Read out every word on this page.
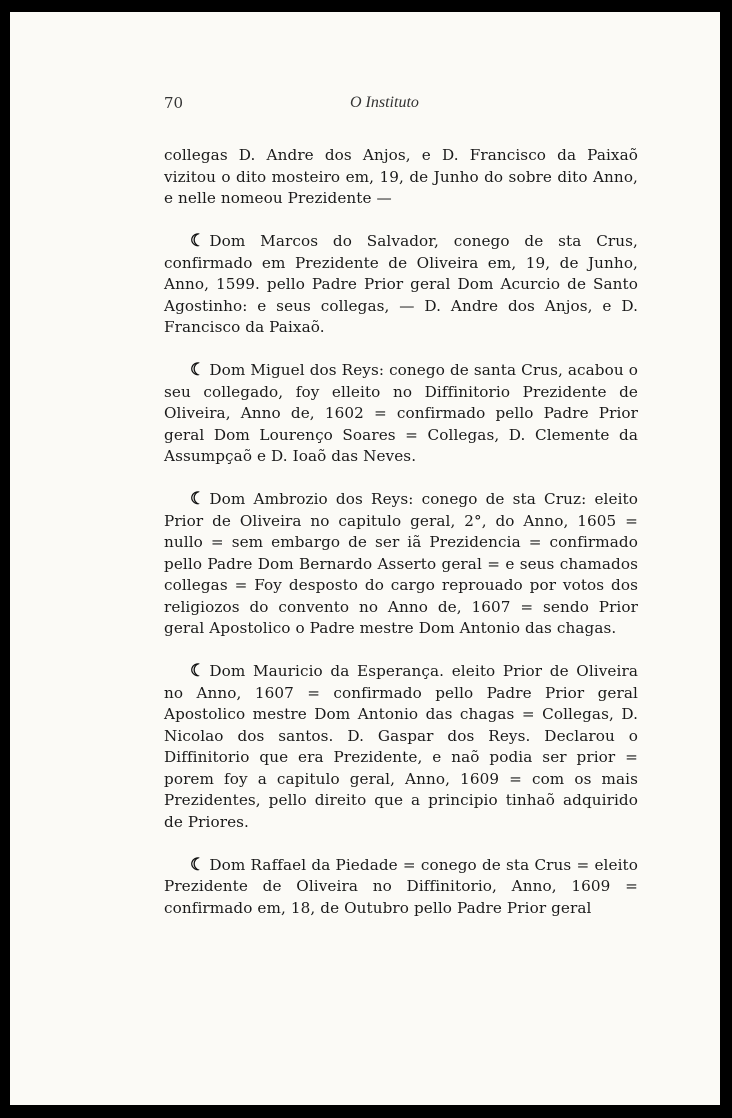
70	O Instituto

collegas D. Andre dos Anjos, e D. Francisco da Paixaõ vizitou o dito mosteiro em, 19, de Junho do sobre dito Anno, e nelle nomeou Prezidente —

☾ Dom Marcos do Salvador, conego de sta Crus, confirmado em Prezidente de Oliveira em, 19, de Junho, Anno, 1599. pello Padre Prior geral Dom Acurcio de Santo Agostinho: e seus collegas, — D. Andre dos Anjos, e D. Francisco da Paixaõ.

☾ Dom Miguel dos Reys: conego de santa Crus, acabou o seu collegado, foy elleito no Diffinitorio Prezidente de Oliveira, Anno de, 1602 = confirmado pello Padre Prior geral Dom Lourenço Soares = Collegas, D. Clemente da Assumpçaõ e D. Ioaõ das Neves.

☾ Dom Ambrozio dos Reys: conego de sta Cruz: eleito Prior de Oliveira no capitulo geral, 2°, do Anno, 1605 = nullo = sem embargo de ser iã Prezidencia = confirmado pello Padre Dom Bernardo Asserto geral = e seus chamados collegas = Foy desposto do cargo reprouado por votos dos religiozos do convento no Anno de, 1607 = sendo Prior geral Apostolico o Padre mestre Dom Antonio das chagas.

☾ Dom Mauricio da Esperança. eleito Prior de Oliveira no Anno, 1607 = confirmado pello Padre Prior geral Apostolico mestre Dom Antonio das chagas = Collegas, D. Nicolao dos santos. D. Gaspar dos Reys. Declarou o Diffinitorio que era Prezidente, e naõ podia ser prior = porem foy a capitulo geral, Anno, 1609 = com os mais Prezidentes, pello direito que a principio tinhaõ adquirido de Priores.

☾ Dom Raffael da Piedade = conego de sta Crus = eleito Prezidente de Oliveira no Diffinitorio, Anno, 1609 = confirmado em, 18, de Outubro pello Padre Prior geral
